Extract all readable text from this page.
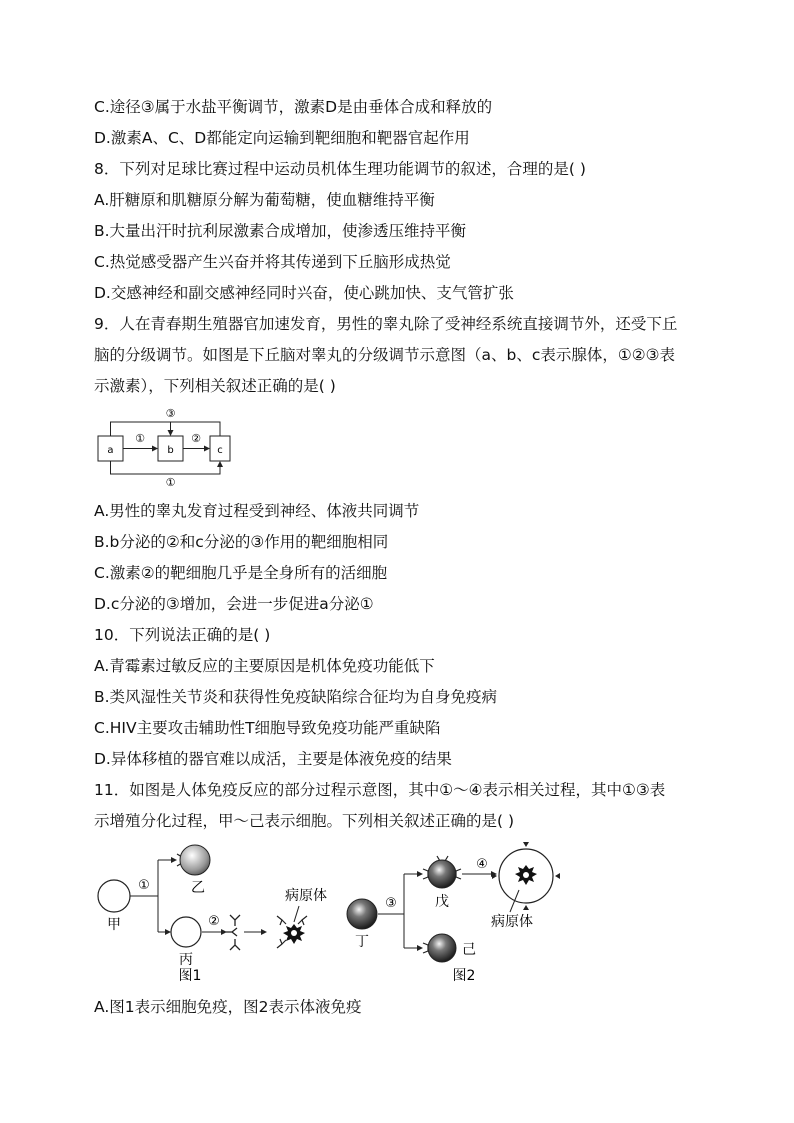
C.途径③属于水盐平衡调节，激素D是由垂体合成和释放的
D.激素A、C、D都能定向运输到靶细胞和靶器官起作用
8．下列对足球比赛过程中运动员机体生理功能调节的叙述，合理的是( )
A.肝糖原和肌糖原分解为葡萄糖，使血糖维持平衡
B.大量出汗时抗利尿激素合成增加，使渗透压维持平衡
C.热觉感受器产生兴奋并将其传递到下丘脑形成热觉
D.交感神经和副交感神经同时兴奋，使心跳加快、支气管扩张
9．人在青春期生殖器官加速发育，男性的睾丸除了受神经系统直接调节外，还受下丘
脑的分级调节。如图是下丘脑对睾丸的分级调节示意图（a、b、c表示腺体，①②③表
示激素），下列相关叙述正确的是( )
a	b	c
①	②
③
①
A.男性的睾丸发育过程受到神经、体液共同调节
B.b分泌的②和c分泌的③作用的靶细胞相同
C.激素②的靶细胞几乎是全身所有的活细胞
D.c分泌的③增加，会进一步促进a分泌①
10．下列说法正确的是( )
A.青霉素过敏反应的主要原因是机体免疫功能低下
B.类风湿性关节炎和获得性免疫缺陷综合征均为自身免疫病
C.HIV主要攻击辅助性T细胞导致免疫功能严重缺陷
D.异体移植的器官难以成活，主要是体液免疫的结果
11．如图是人体免疫反应的部分过程示意图，其中①～④表示相关过程，其中①③表
示增殖分化过程，甲～己表示细胞。下列相关叙述正确的是( )
甲
①	乙
丙
②
病原体
图1
丁
③	戊
己
④
病原体
图2
A.图1表示细胞免疫，图2表示体液免疫
